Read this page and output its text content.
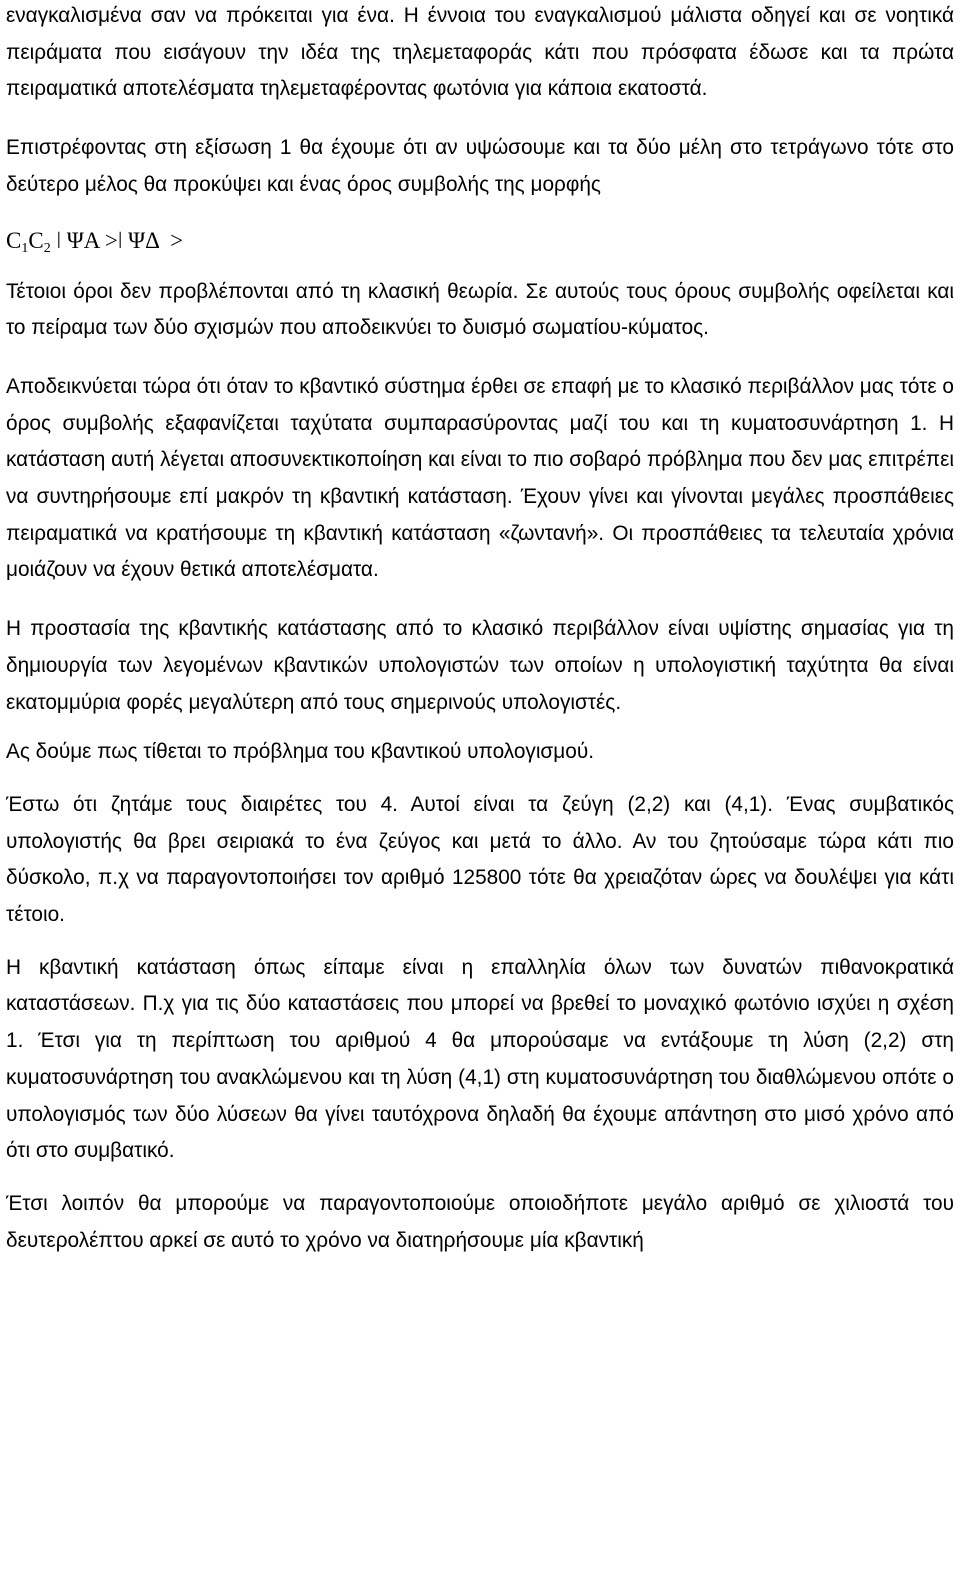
εναγκαλισμένα σαν να πρόκειται για ένα. Η έννοια του εναγκαλισμού μάλιστα οδηγεί και σε νοητικά πειράματα που εισάγουν την ιδέα της τηλεμεταφοράς κάτι που πρόσφατα έδωσε και τα πρώτα πειραματικά αποτελέσματα τηλεμεταφέροντας φωτόνια για κάποια εκατοστά.

Επιστρέφοντας στη εξίσωση 1 θα έχουμε ότι αν υψώσουμε και τα δύο μέλη στο τετράγωνο τότε στο δεύτερο μέλος θα προκύψει και ένας όρος συμβολής της μορφής

$C_1C_2$ ǀ ΨΑ >ǀ ΨΔ  >

Τέτοιοι όροι δεν προβλέπονται από τη κλασική θεωρία. Σε αυτούς τους όρους συμβολής οφείλεται και το πείραμα των δύο σχισμών που αποδεικνύει το δυισμό σωματίου-κύματος.

Αποδεικνύεται τώρα ότι όταν το κβαντικό σύστημα έρθει σε επαφή με το κλασικό περιβάλλον μας τότε ο όρος συμβολής εξαφανίζεται ταχύτατα συμπαρασύροντας μαζί του και τη κυματοσυνάρτηση 1. Η κατάσταση αυτή λέγεται αποσυνεκτικοποίηση και είναι το πιο σοβαρό πρόβλημα που δεν μας επιτρέπει να συντηρήσουμε επί μακρόν τη κβαντική κατάσταση. Έχουν γίνει και γίνονται μεγάλες προσπάθειες πειραματικά να κρατήσουμε τη κβαντική κατάσταση «ζωντανή». Οι προσπάθειες τα τελευταία χρόνια μοιάζουν να έχουν θετικά αποτελέσματα.

Η προστασία της κβαντικής κατάστασης από το κλασικό περιβάλλον είναι υψίστης σημασίας για τη δημιουργία των λεγομένων κβαντικών υπολογιστών των οποίων η υπολογιστική ταχύτητα θα είναι εκατομμύρια φορές μεγαλύτερη από τους σημερινούς υπολογιστές.

Ας δούμε πως τίθεται το πρόβλημα του κβαντικού υπολογισμού.

Έστω ότι ζητάμε τους διαιρέτες του 4. Αυτοί είναι τα ζεύγη (2,2) και (4,1). Ένας συμβατικός υπολογιστής θα βρει σειριακά το ένα ζεύγος και μετά το άλλο. Αν του ζητούσαμε τώρα κάτι πιο δύσκολο, π.χ να παραγοντοποιήσει τον αριθμό 125800 τότε θα χρειαζόταν ώρες να δουλέψει για κάτι τέτοιο.

Η κβαντική κατάσταση όπως είπαμε είναι η επαλληλία όλων των δυνατών πιθανοκρατικά καταστάσεων. Π.χ για τις δύο καταστάσεις που μπορεί να βρεθεί το μοναχικό φωτόνιο ισχύει η σχέση 1. Έτσι για τη περίπτωση του αριθμού 4 θα μπορούσαμε να εντάξουμε τη λύση (2,2) στη κυματοσυνάρτηση του ανακλώμενου και τη λύση (4,1) στη κυματοσυνάρτηση του διαθλώμενου οπότε ο υπολογισμός των δύο λύσεων θα γίνει ταυτόχρονα δηλαδή θα έχουμε απάντηση στο μισό χρόνο από ότι στο συμβατικό.

Έτσι λοιπόν θα μπορούμε να παραγοντοποιούμε οποιοδήποτε μεγάλο αριθμό σε χιλιοστά του δευτερολέπτου αρκεί σε αυτό το χρόνο να διατηρήσουμε μία κβαντική
